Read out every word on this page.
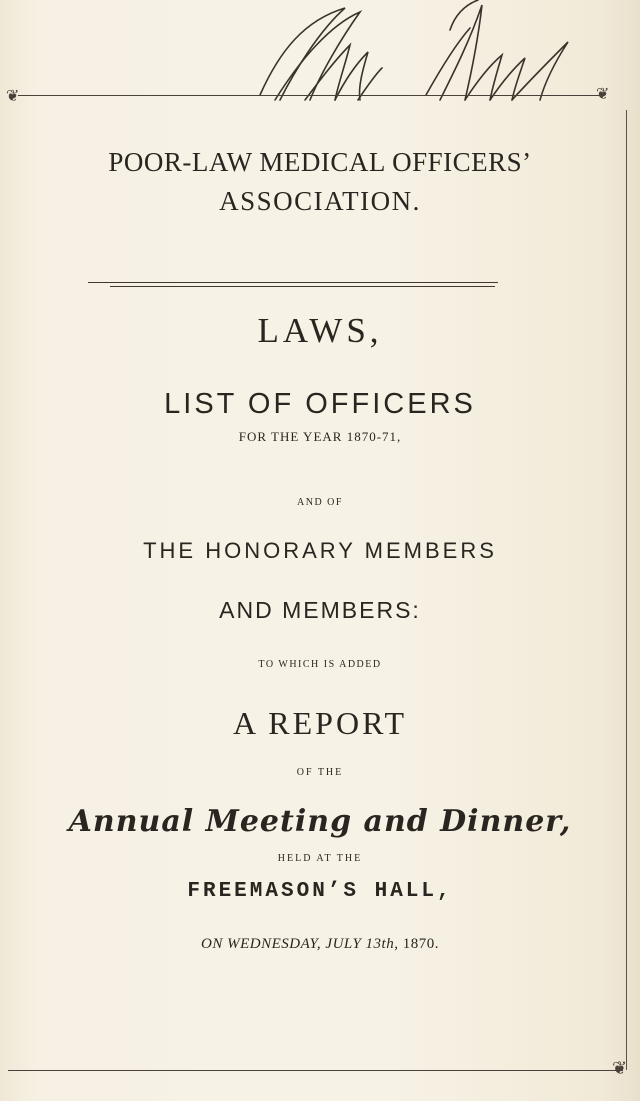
❦	❦
POOR-LAW MEDICAL OFFICERS’
ASSOCIATION.
LAWS,
LIST OF OFFICERS
FOR THE YEAR 1870-71,
AND OF
THE HONORARY MEMBERS
AND MEMBERS:
TO WHICH IS ADDED
A REPORT
OF THE
Annual Meeting and Dinner,
HELD AT THE
FREEMASON’S HALL,
ON WEDNESDAY, JULY 13th, 1870.
❦
